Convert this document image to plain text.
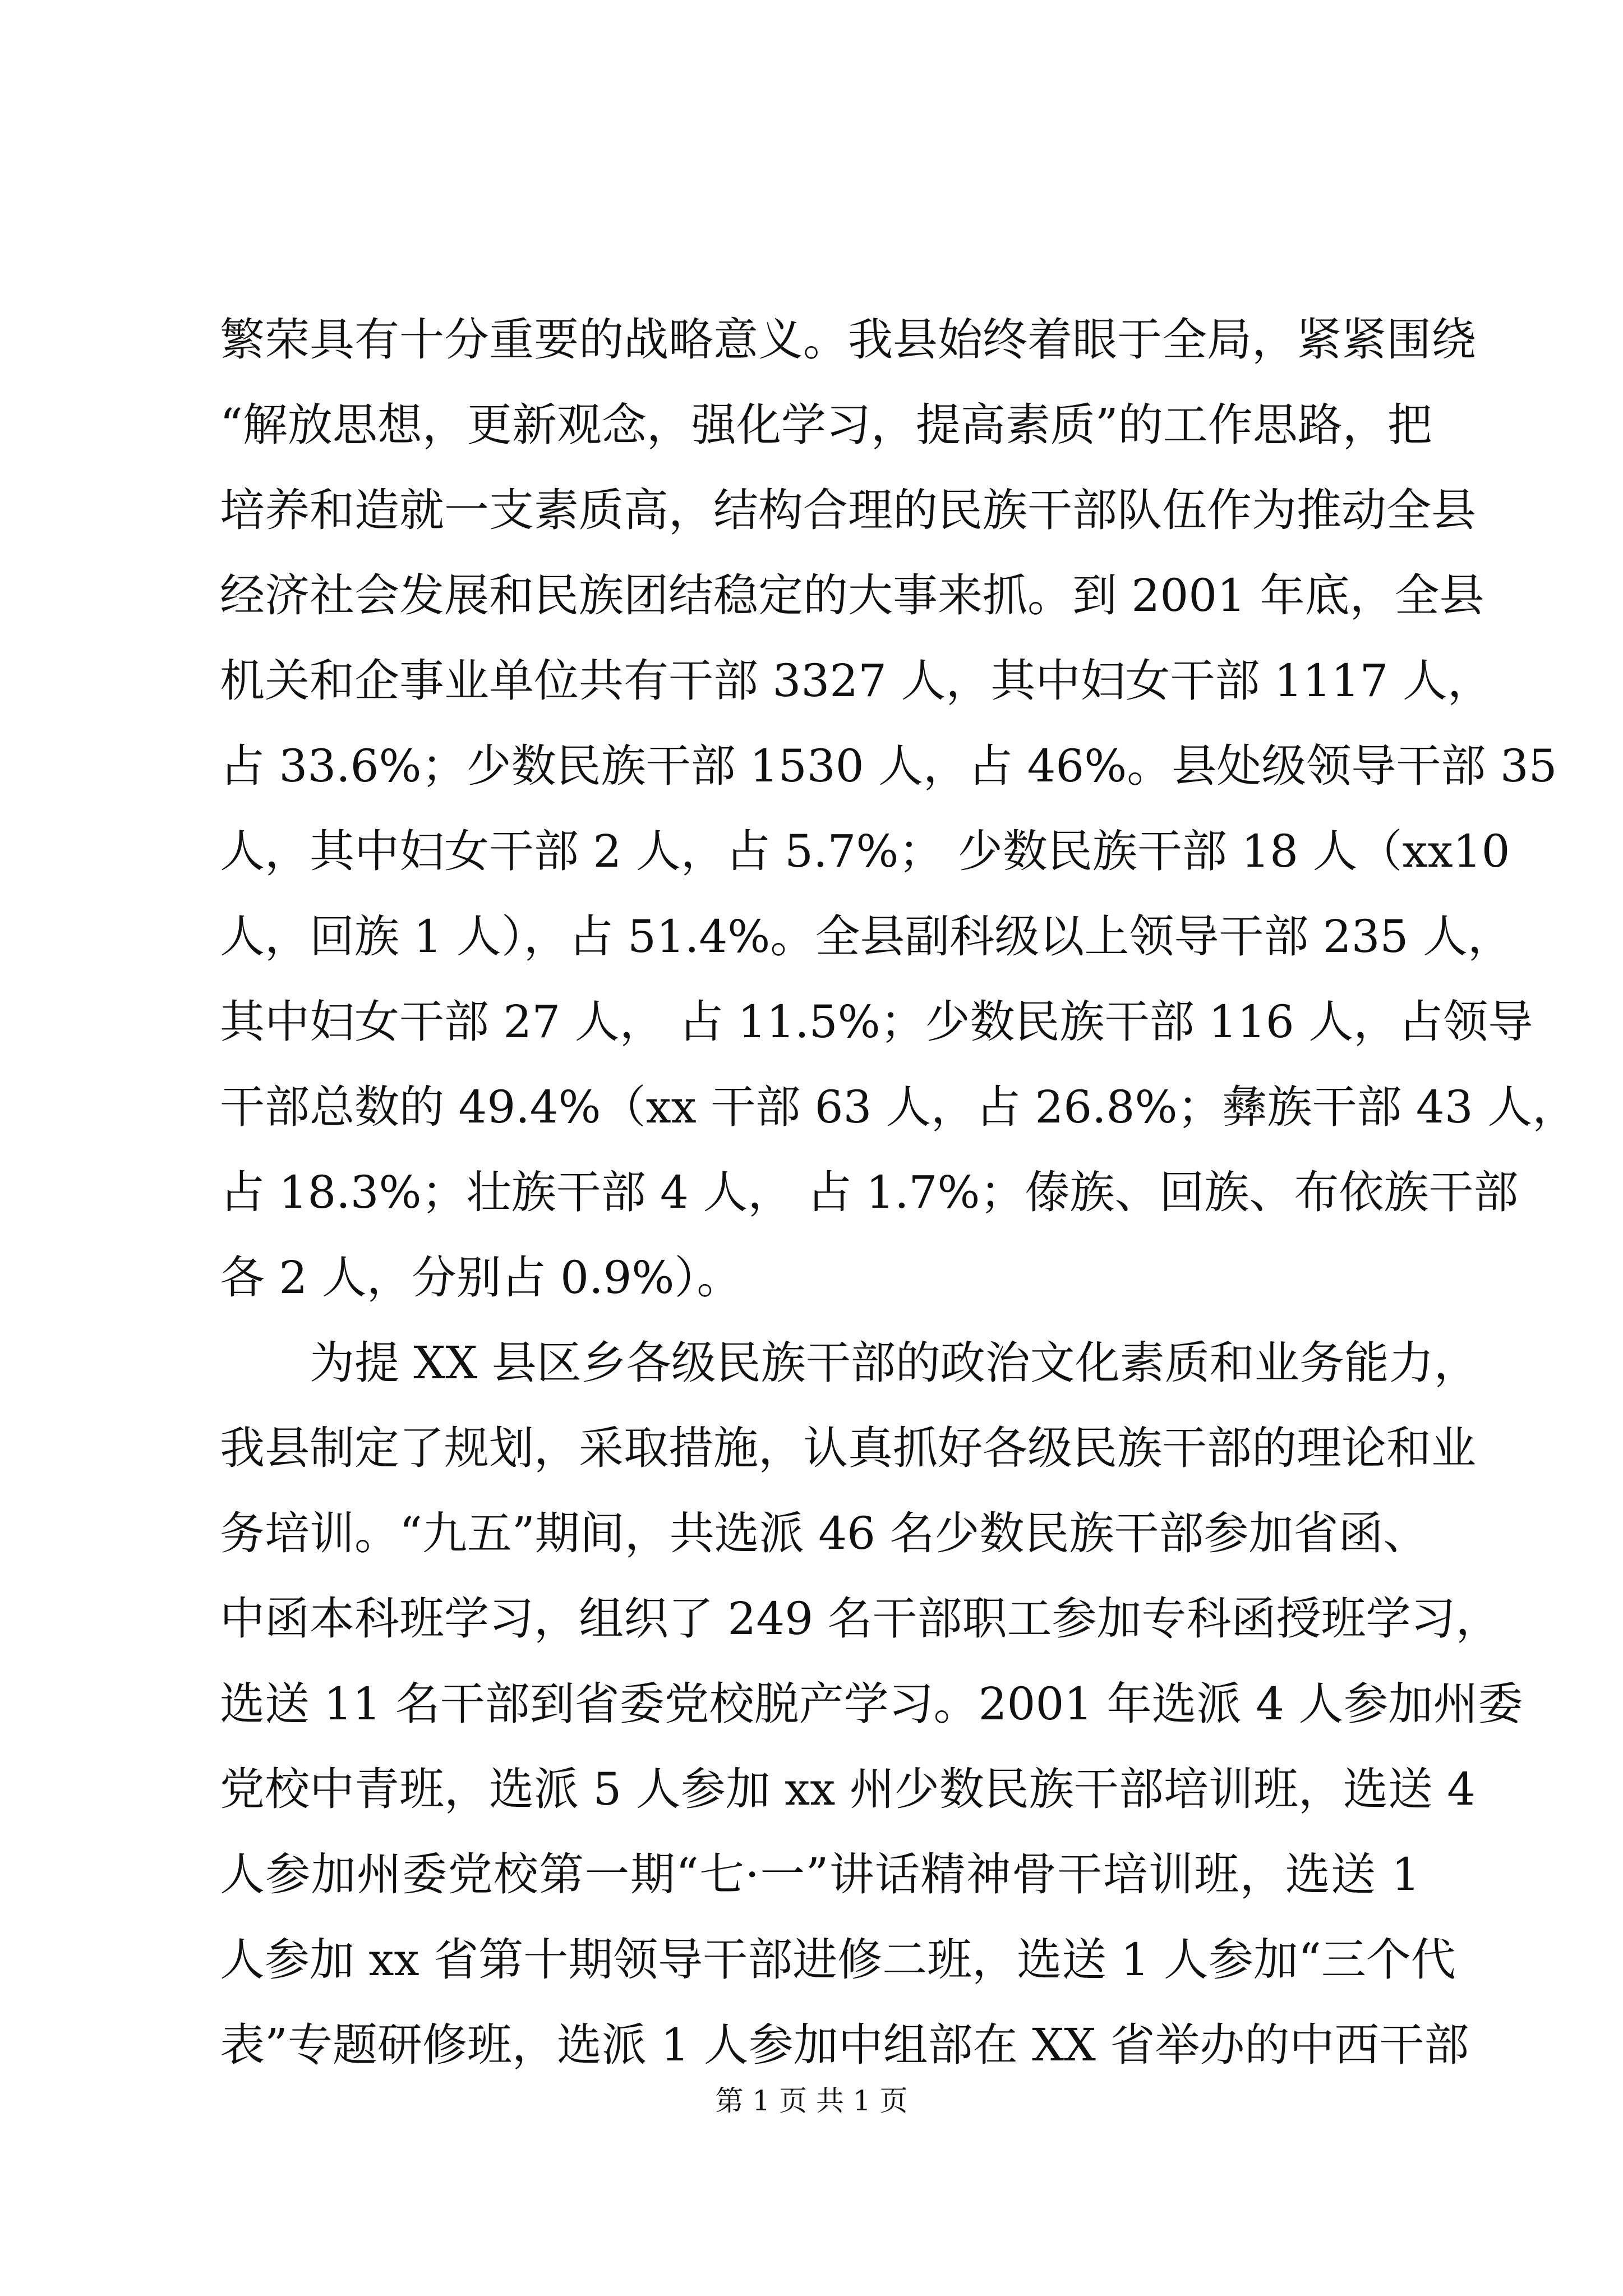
繁荣具有十分重要的战略意义。我县始终着眼于全局，紧紧围绕
“解放思想，更新观念，强化学习，提高素质”的工作思路，把
培养和造就一支素质高，结构合理的民族干部队伍作为推动全县
经济社会发展和民族团结稳定的大事来抓。到 2001 年底，全县
机关和企事业单位共有干部 3327 人，其中妇女干部 1117 人，
占 33.6%；少数民族干部 1530 人，占 46%。县处级领导干部 35
人，其中妇女干部 2 人，占 5.7%； 少数民族干部 18 人（xx10
人，回族 1 人），占 51.4%。全县副科级以上领导干部 235 人，
其中妇女干部 27 人， 占 11.5%；少数民族干部 116 人，占领导
干部总数的 49.4%（xx 干部 63 人，占 26.8%；彝族干部 43 人，
占 18.3%；壮族干部 4 人， 占 1.7%；傣族、回族、布依族干部
各 2 人，分别占 0.9%）。
为提 XX 县区乡各级民族干部的政治文化素质和业务能力，
我县制定了规划，采取措施，认真抓好各级民族干部的理论和业
务培训。“九五”期间，共选派 46 名少数民族干部参加省函、
中函本科班学习，组织了 249 名干部职工参加专科函授班学习，
选送 11 名干部到省委党校脱产学习。2001 年选派 4 人参加州委
党校中青班，选派 5 人参加 xx 州少数民族干部培训班，选送 4
人参加州委党校第一期“七·一”讲话精神骨干培训班，选送 1
人参加 xx 省第十期领导干部进修二班，选送 1 人参加“三个代
表”专题研修班，选派 1 人参加中组部在 XX 省举办的中西干部
第 1 页 共 1 页
